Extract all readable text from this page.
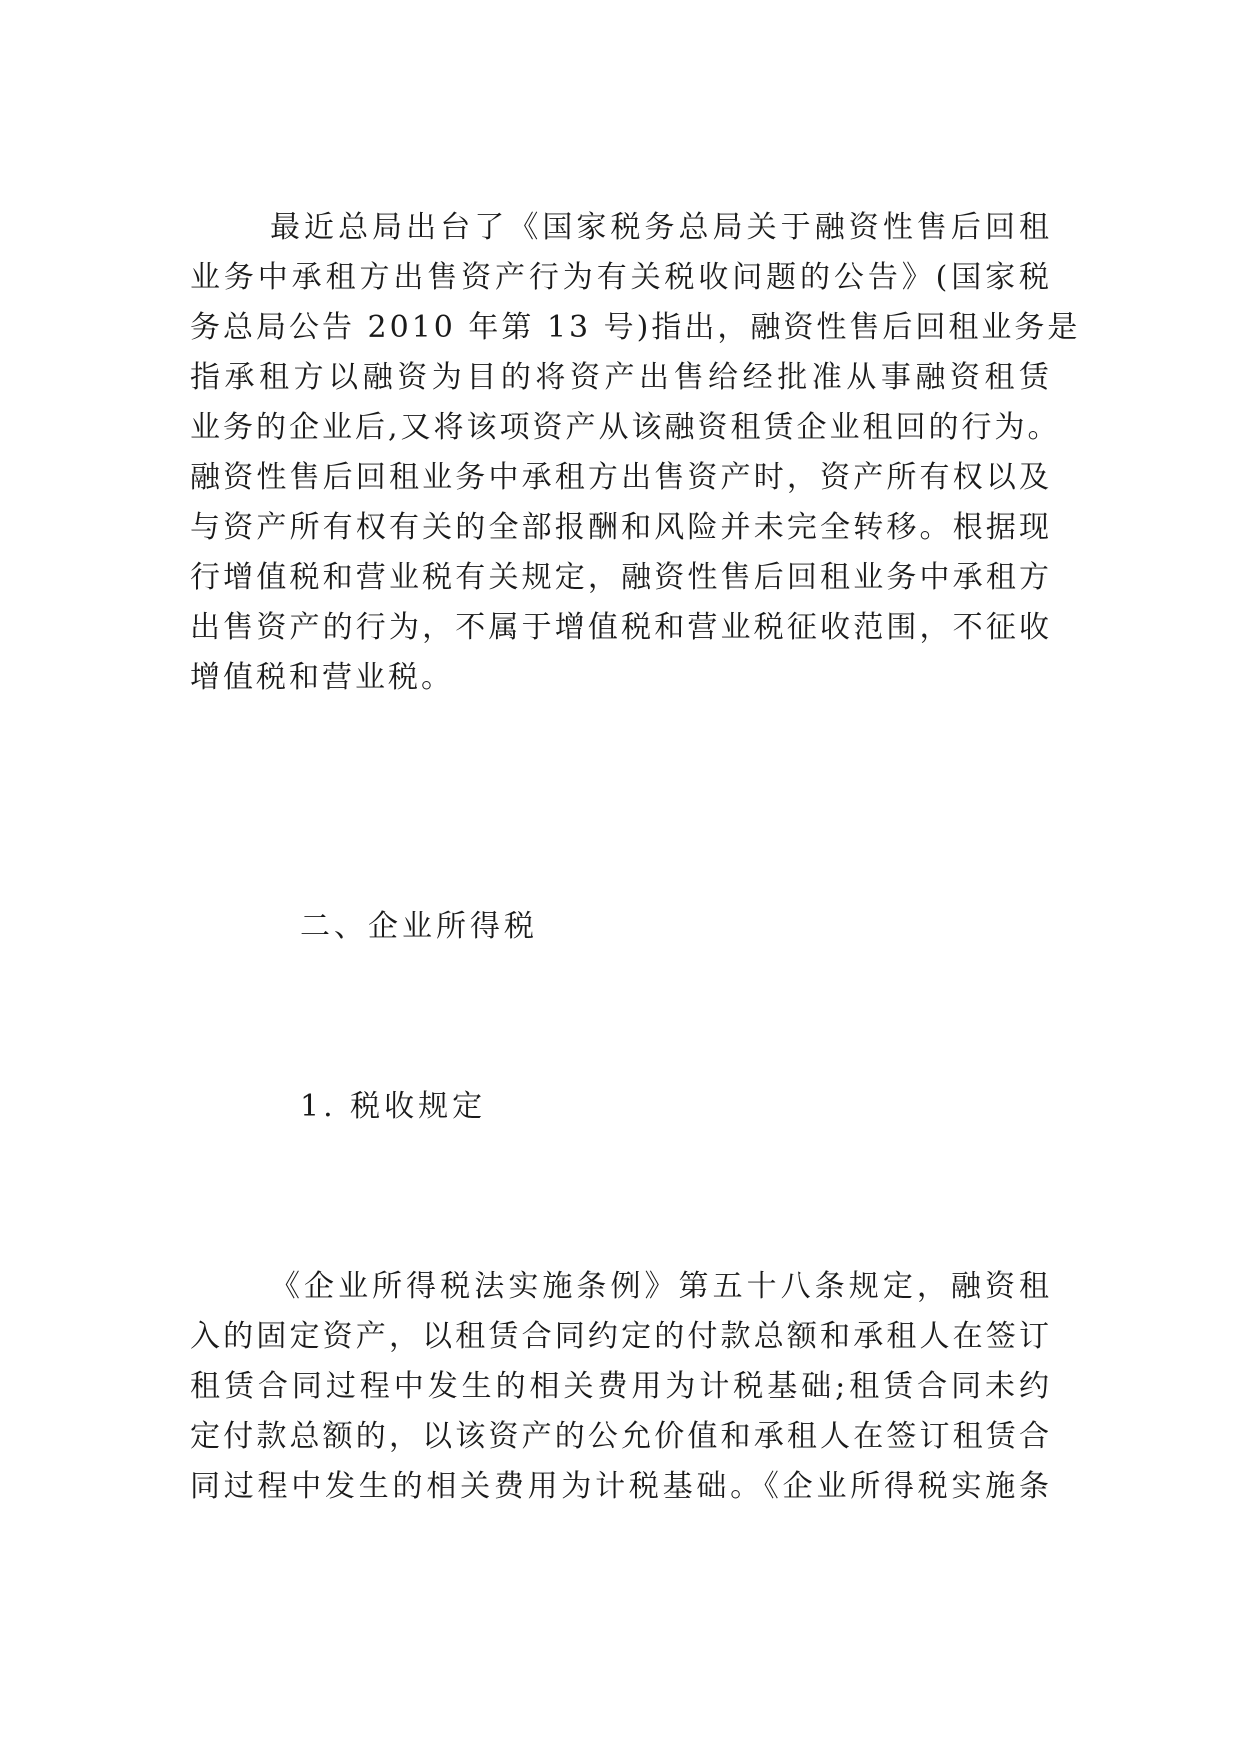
最近总局出台了《国家税务总局关于融资性售后回租
业务中承租方出售资产行为有关税收问题的公告》(国家税
务总局公告 2010 年第 13 号)指出，融资性售后回租业务是
指承租方以融资为目的将资产出售给经批准从事融资租赁
业务的企业后,又将该项资产从该融资租赁企业租回的行为。
融资性售后回租业务中承租方出售资产时，资产所有权以及
与资产所有权有关的全部报酬和风险并未完全转移。根据现
行增值税和营业税有关规定，融资性售后回租业务中承租方
出售资产的行为，不属于增值税和营业税征收范围，不征收
增值税和营业税。

二、企业所得税

1. 税收规定

《企业所得税法实施条例》第五十八条规定，融资租
入的固定资产，以租赁合同约定的付款总额和承租人在签订
租赁合同过程中发生的相关费用为计税基础;租赁合同未约
定付款总额的，以该资产的公允价值和承租人在签订租赁合
同过程中发生的相关费用为计税基础。《企业所得税实施条
